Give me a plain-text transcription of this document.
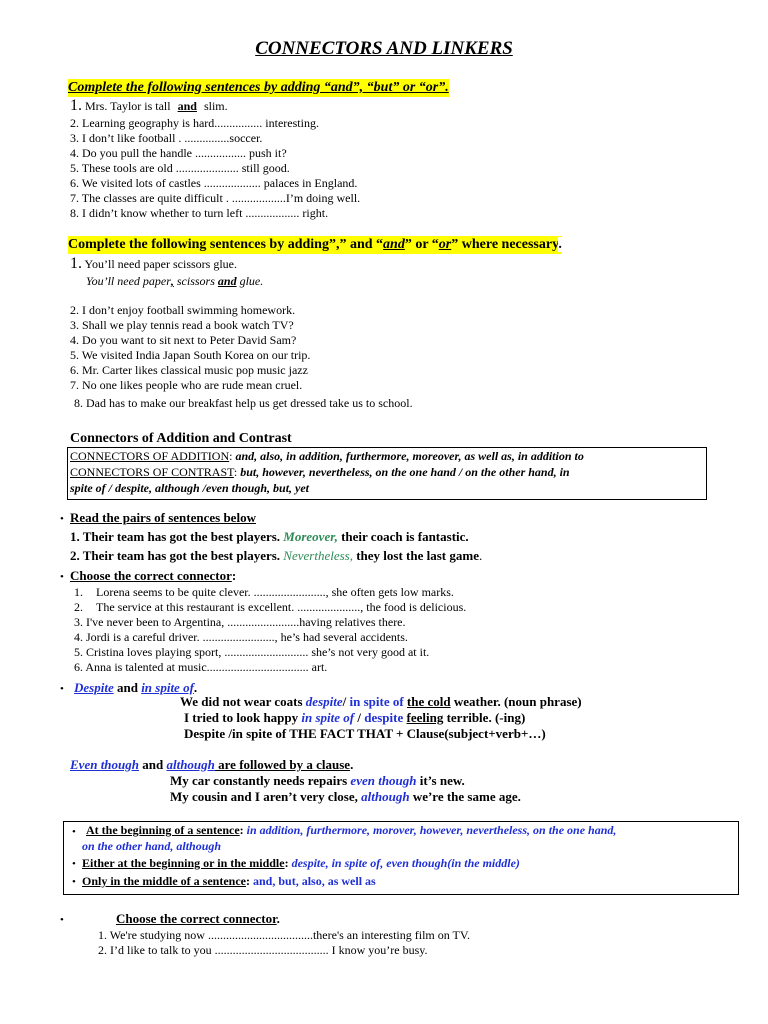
CONNECTORS AND LINKERS
Complete the following sentences by adding “and”, “but” or “or”.
1. Mrs. Taylor is tall and slim.
2. Learning geography is hard................ interesting.
3. I don’t like football . ...............soccer.
4. Do you pull the handle ................. push it?
5. These tools are old ..................... still good.
6. We visited lots of castles ................... palaces in England.
7. The classes are quite difficult . ..................I’m doing well.
8. I didn’t know whether to turn left .................. right.
Complete the following sentences by adding”,” and “and” or “or” where necessary.
1. You’ll need paper scissors glue.
You’ll need paper, scissors and glue.
2. I don’t enjoy football swimming homework.
3. Shall we play tennis read a book watch TV?
4. Do you want to sit next to Peter David Sam?
5. We visited India Japan South Korea on our trip.
6. Mr. Carter likes classical music pop music jazz
7. No one likes people who are rude mean cruel.
8. Dad has to make our breakfast help us get dressed take us to school.
Connectors of Addition and Contrast
CONNECTORS OF ADDITION: and, also, in addition, furthermore, moreover, as well as, in addition to
CONNECTORS OF CONTRAST: but, however, nevertheless, on the one hand / on the other hand, in
spite of / despite, although /even though, but, yet
• Read the pairs of sentences below
1. Their team has got the best players. Moreover, their coach is fantastic.
2. Their team has got the best players. Nevertheless, they lost the last game.
• Choose the correct connector:
1. Lorena seems to be quite clever. ........................, she often gets low marks.
2. The service at this restaurant is excellent. ....................., the food is delicious.
3. I've never been to Argentina, ........................having relatives there.
4. Jordi is a careful driver. ........................, he’s had several accidents.
5. Cristina loves playing sport, ............................ she’s not very good at it.
6. Anna is talented at music.................................. art.
• Despite and in spite of.
We did not wear coats despite/ in spite of the cold weather. (noun phrase)
I tried to look happy in spite of / despite feeling terrible. (-ing)
Despite /in spite of THE FACT THAT + Clause(subject+verb+…)
Even though and although are followed by a clause.
My car constantly needs repairs even though it’s new.
My cousin and I aren’t very close, although we’re the same age.
• At the beginning of a sentence: in addition, furthermore, morover, however, nevertheless, on the one hand,
on the other hand, although
• Either at the beginning or in the middle: despite, in spite of, even though(in the middle)
• Only in the middle of a sentence: and, but, also, as well as
•	Choose the correct connector.
1. We're studying now ...................................there's an interesting film on TV.
2. I’d like to talk to you ...................................... I know you’re busy.
